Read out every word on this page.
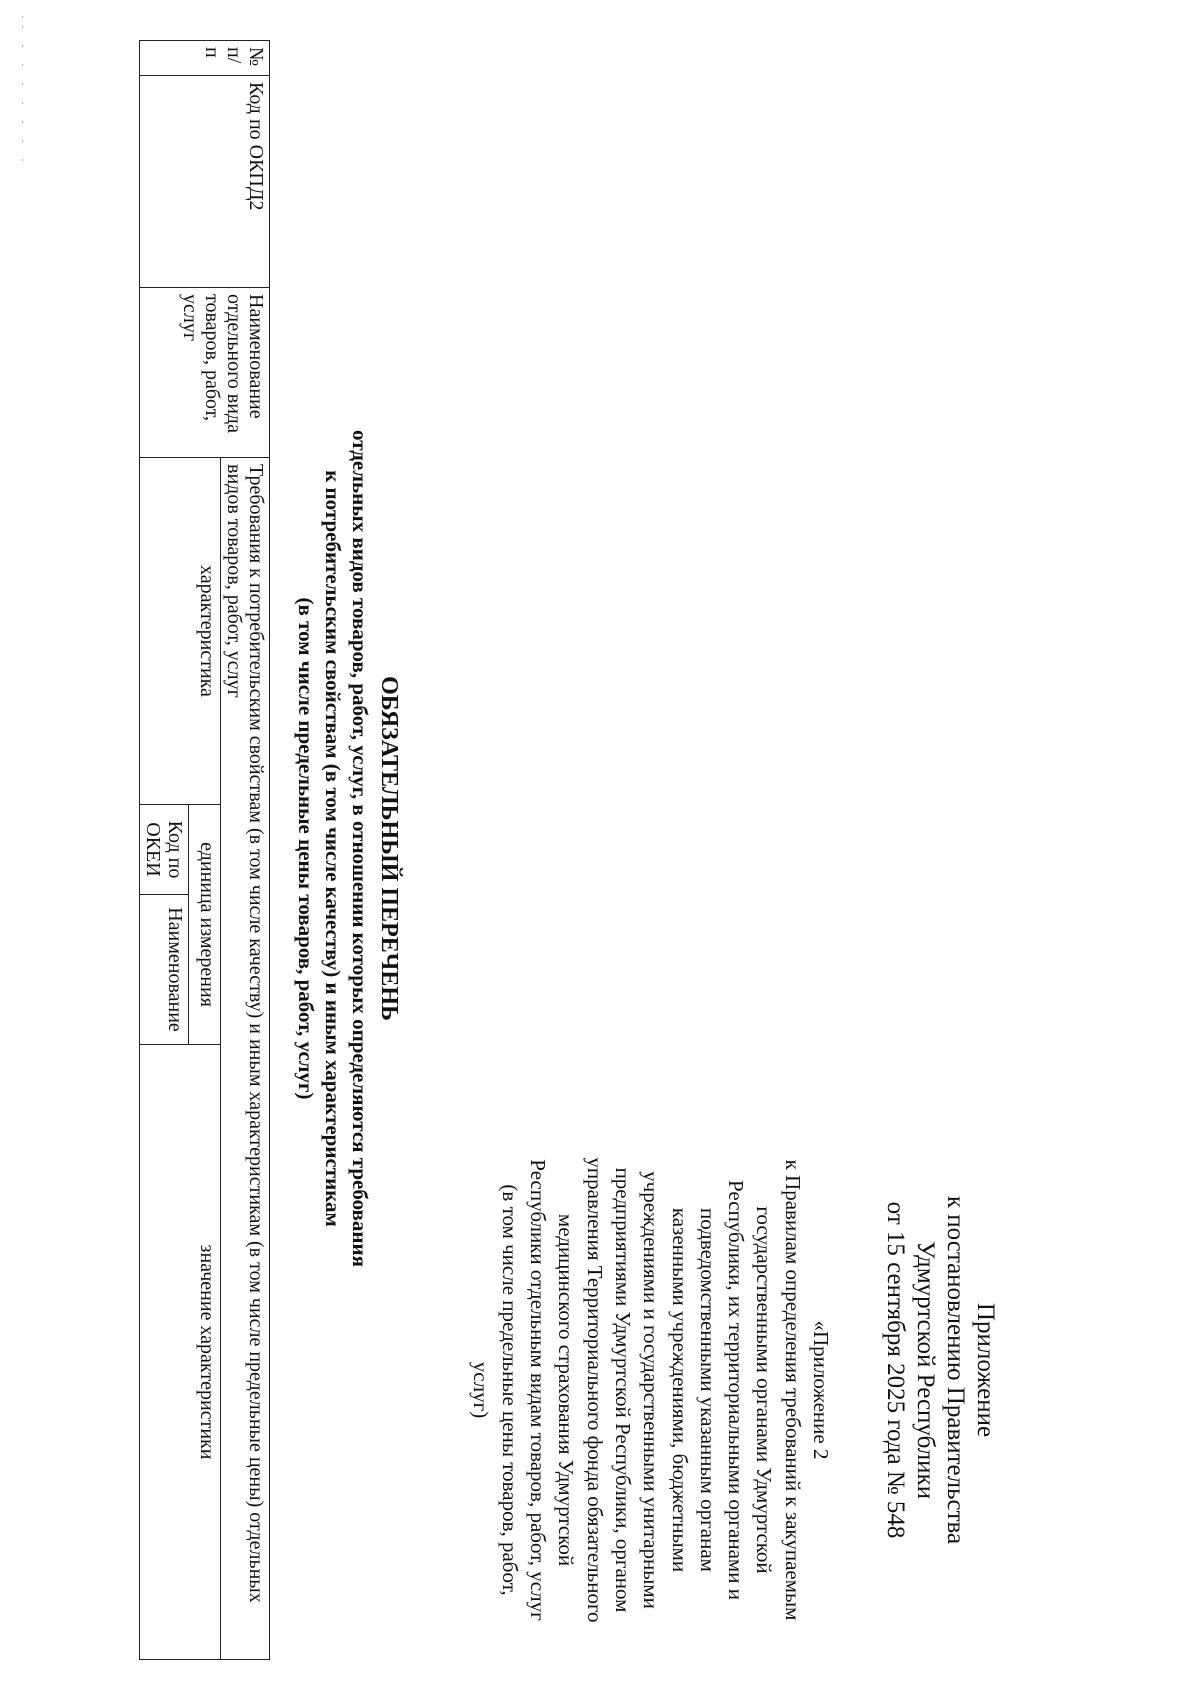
Приложение
к постановлению Правительства
Удмуртской Республики
от 15 сентября 2025 года № 548
«Приложение 2
к Правилам определения требований к закупаемым
государственными органами Удмуртской
Республики, их территориальными органами и
подведомственными указанным органам
казенными учреждениями, бюджетными
учреждениями и государственными унитарными
предприятиями Удмуртской Республики, органом
управления Территориального фонда обязательного
медицинского страхования Удмуртской
Республики отдельным видам товаров, работ, услуг
(в том числе предельные цены товаров, работ,
услуг)
ОБЯЗАТЕЛЬНЫЙ ПЕРЕЧЕНЬ
отдельных видов товаров, работ, услуг, в отношении которых определяются требования
к потребительским свойствам (в том числе качеству) и иным характеристикам
(в том числе предельные цены товаров, работ, услуг)
№ п/п	Код по ОКПД2	Наименование отдельного вида товаров, работ, услуг	Требования к потребительским свойствам (в том числе качеству) и иным характеристикам (в том числе предельные цены) отдельных видов товаров, работ, услуг			
			характеристика	единица измерения		значение характеристики
				Код по ОКЕИ	Наименование	
·· · · · · · · ·
